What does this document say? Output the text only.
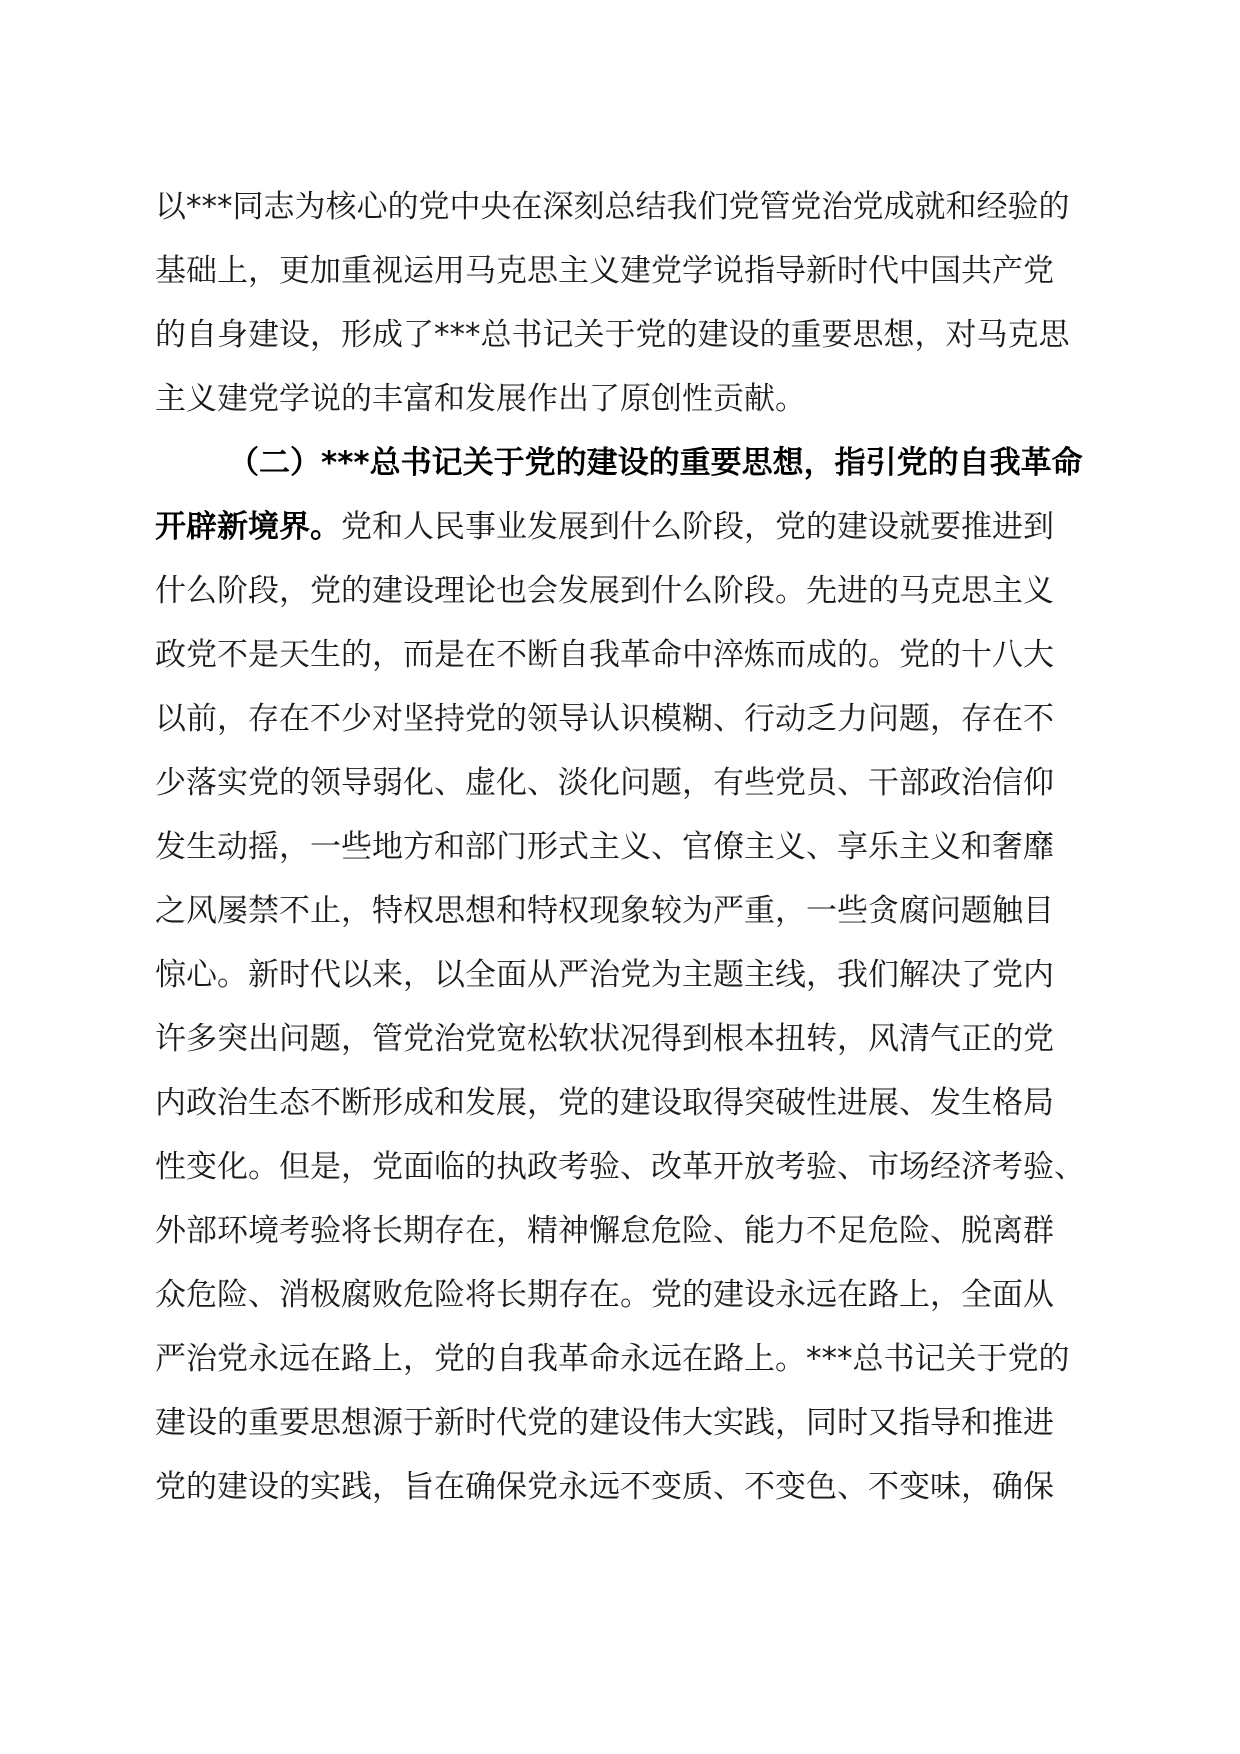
以***同志为核心的党中央在深刻总结我们党管党治党成就和经验的
基础上，更加重视运用马克思主义建党学说指导新时代中国共产党
的自身建设，形成了***总书记关于党的建设的重要思想，对马克思
主义建党学说的丰富和发展作出了原创性贡献。
（二）***总书记关于党的建设的重要思想，指引党的自我革命
开辟新境界。党和人民事业发展到什么阶段，党的建设就要推进到
什么阶段，党的建设理论也会发展到什么阶段。先进的马克思主义
政党不是天生的，而是在不断自我革命中淬炼而成的。党的十八大
以前，存在不少对坚持党的领导认识模糊、行动乏力问题，存在不
少落实党的领导弱化、虚化、淡化问题，有些党员、干部政治信仰
发生动摇，一些地方和部门形式主义、官僚主义、享乐主义和奢靡
之风屡禁不止，特权思想和特权现象较为严重，一些贪腐问题触目
惊心。新时代以来，以全面从严治党为主题主线，我们解决了党内
许多突出问题，管党治党宽松软状况得到根本扭转，风清气正的党
内政治生态不断形成和发展，党的建设取得突破性进展、发生格局
性变化。但是，党面临的执政考验、改革开放考验、市场经济考验、
外部环境考验将长期存在，精神懈怠危险、能力不足危险、脱离群
众危险、消极腐败危险将长期存在。党的建设永远在路上，全面从
严治党永远在路上，党的自我革命永远在路上。***总书记关于党的
建设的重要思想源于新时代党的建设伟大实践，同时又指导和推进
党的建设的实践，旨在确保党永远不变质、不变色、不变味，确保
